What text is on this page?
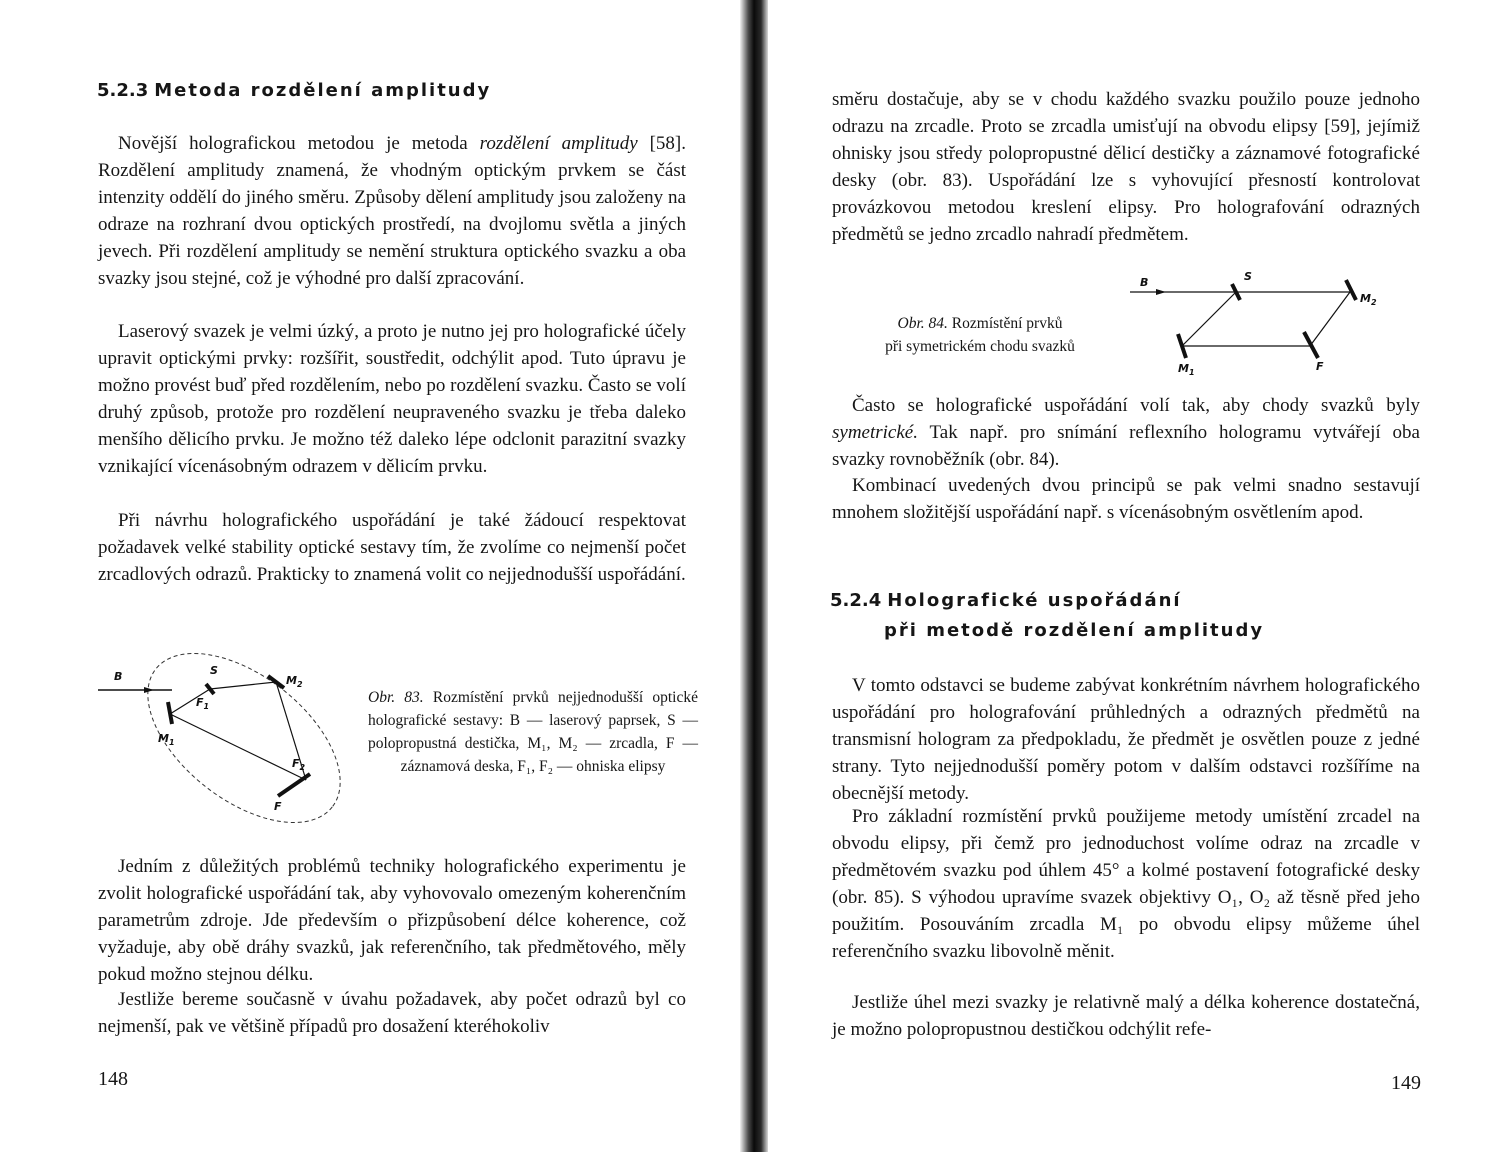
5.2.3 Metoda rozdělení amplitudy

Novější holografickou metodou je metoda rozdělení amplitudy [58]. Rozdělení amplitudy znamená, že vhodným optickým prvkem se část intenzity oddělí do jiného směru. Způsoby dělení amplitudy jsou založeny na odraze na rozhraní dvou optických prostředí, na dvojlomu světla a jiných jevech. Při rozdělení amplitudy se nemění struktura optického svazku a oba svazky jsou stejné, což je výhodné pro další zpracování.

Laserový svazek je velmi úzký, a proto je nutno jej pro holografické účely upravit optickými prvky: rozšířit, soustředit, odchýlit apod. Tuto úpravu je možno provést buď před rozdělením, nebo po rozdělení svazku. Často se volí druhý způsob, protože pro rozdělení neupraveného svazku je třeba daleko menšího dělicího prvku. Je možno též daleko lépe odclonit parazitní svazky vznikající vícenásobným odrazem v dělicím prvku.

Při návrhu holografického uspořádání je také žádoucí respektovat požadavek velké stability optické sestavy tím, že zvolíme co nejmenší počet zrcadlových odrazů. Prakticky to znamená volit co nejjednodušší uspořádání.

B	S
$M_2$
$M_1$
$F_1$
$F_2$
F

Obr. 83. Rozmístění prvků nejjednodušší optické holografické sestavy: B — laserový paprsek, S — polopropustná destička, M₁, M₂ — zrcadla, F — záznamová deska, F₁, F₂ — ohniska elipsy

Jedním z důležitých problémů techniky holografického experimentu je zvolit holografické uspořádání tak, aby vyhovovalo omezeným koherenčním parametrům zdroje. Jde především o přizpůsobení délce koherence, což vyžaduje, aby obě dráhy svazků, jak referenčního, tak předmětového, měly pokud možno stejnou délku.

Jestliže bereme současně v úvahu požadavek, aby počet odrazů byl co nejmenší, pak ve většině případů pro dosažení kteréhokoliv

148

směru dostačuje, aby se v chodu každého svazku použilo pouze jednoho odrazu na zrcadle. Proto se zrcadla umisťují na obvodu elipsy [59], jejímiž ohnisky jsou středy polopropustné dělicí destičky a záznamové fotografické desky (obr. 83). Uspořádání lze s vyhovující přesností kontrolovat provázkovou metodou kreslení elipsy. Pro holografování odrazných předmětů se jedno zrcadlo nahradí předmětem.

Obr. 84. Rozmístění prvků
při symetrickém chodu svazků

B	S
$M_2$
$M_1$	F

Často se holografické uspořádání volí tak, aby chody svazků byly symetrické. Tak např. pro snímání reflexního hologramu vytvářejí oba svazky rovnoběžník (obr. 84).

Kombinací uvedených dvou principů se pak velmi snadno sestavují mnohem složitější uspořádání např. s vícenásobným osvětlením apod.

5.2.4 Holografické uspořádání
při metodě rozdělení amplitudy

V tomto odstavci se budeme zabývat konkrétním návrhem holografického uspořádání pro holografování průhledných a odrazných předmětů na transmisní hologram za předpokladu, že předmět je osvětlen pouze z jedné strany. Tyto nejjednodušší poměry potom v dalším odstavci rozšíříme na obecnější metody.

Pro základní rozmístění prvků použijeme metody umístění zrcadel na obvodu elipsy, při čemž pro jednoduchost volíme odraz na zrcadle v předmětovém svazku pod úhlem 45° a kolmé postavení fotografické desky (obr. 85). S výhodou upravíme svazek objektivy O₁, O₂ až těsně před jeho použitím. Posouváním zrcadla M₁ po obvodu elipsy můžeme úhel referenčního svazku libovolně měnit.

Jestliže úhel mezi svazky je relativně malý a délka koherence dostatečná, je možno polopropustnou destičkou odchýlit refe-

149
